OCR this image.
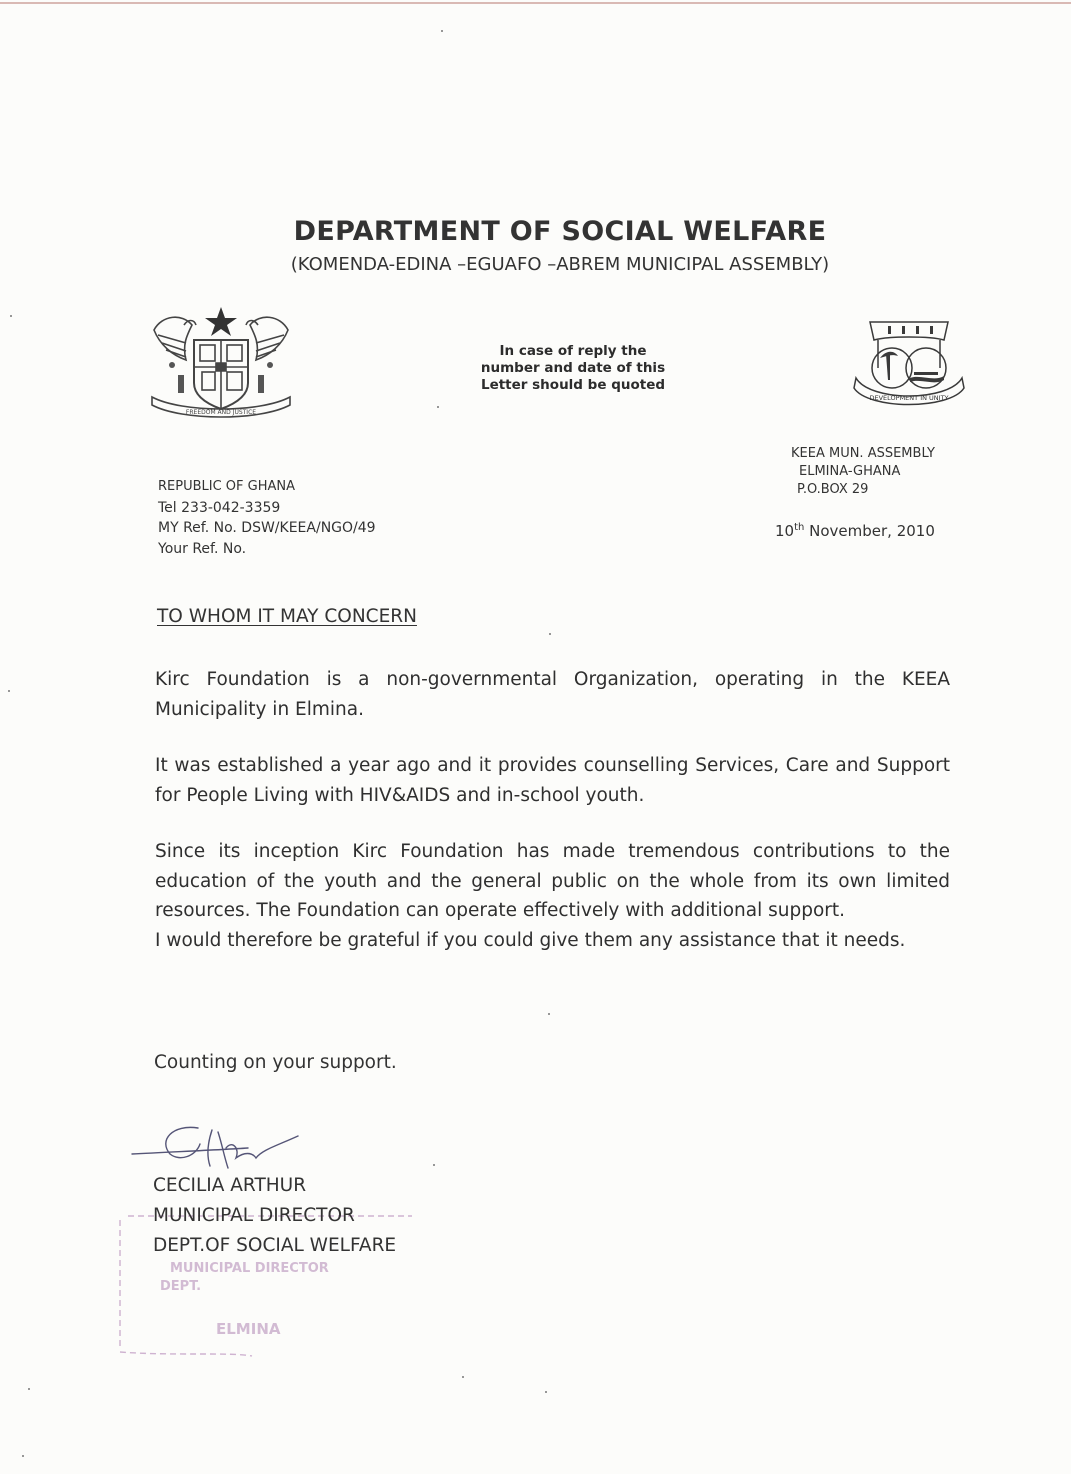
DEPARTMENT OF SOCIAL WELFARE
(KOMENDA-EDINA –EGUAFO –ABREM MUNICIPAL ASSEMBLY)
FREEDOM AND JUSTICE
In case of reply the
number and date of this
Letter should be quoted
DEVELOPMENT IN UNITY
KEEA MUN. ASSEMBLY
ELMINA-GHANA
P.O.BOX 29
REPUBLIC OF GHANA
Tel 233-042-3359
MY Ref. No. DSW/KEEA/NGO/49
Your Ref. No.
10th November, 2010
TO WHOM IT MAY CONCERN

Kirc Foundation is a non-governmental Organization, operating in the KEEA Municipality in Elmina.

It was established a year ago and it provides counselling Services, Care and Support for People Living with HIV&AIDS and in-school youth.

Since its inception Kirc Foundation has made tremendous contributions to the education of the youth and the general public on the whole from its own limited resources. The Foundation can operate effectively with additional support.

I would therefore be grateful if you could give them any assistance that it needs.

Counting on your support.
MUNICIPAL DIRECTOR
DEPT.
ELMINA
CECILIA ARTHUR
MUNICIPAL DIRECTOR
DEPT.OF SOCIAL WELFARE
